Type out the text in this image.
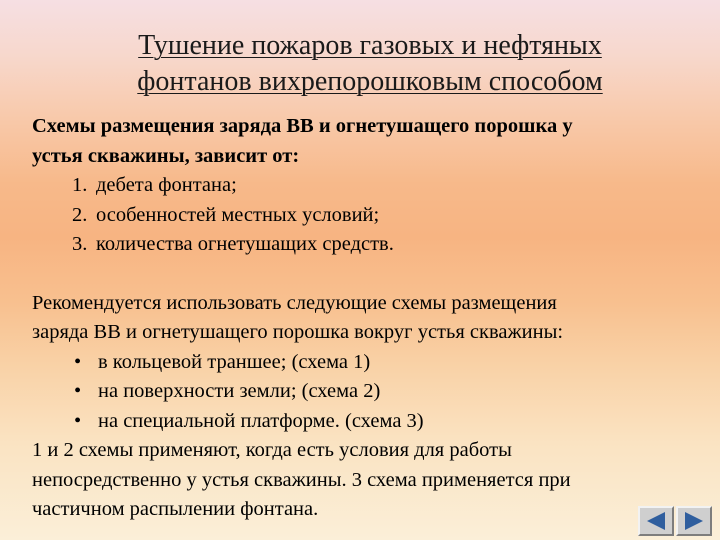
Тушение пожаров газовых и нефтяных
фонтанов вихрепорошковым способом
Схемы размещения заряда ВВ и огнетушащего порошка у
устья скважины, зависит от:
1. дебета фонтана;
2. особенностей местных условий;
3. количества огнетушащих средств.
Рекомендуется использовать следующие схемы размещения
заряда ВВ и огнетушащего порошка вокруг устья скважины:
• в кольцевой траншее; (схема 1)
• на поверхности земли; (схема 2)
• на специальной платформе. (схема 3)
1 и 2 схемы применяют, когда есть условия для работы
непосредственно у устья скважины. 3 схема применяется при
частичном распылении фонтана.
